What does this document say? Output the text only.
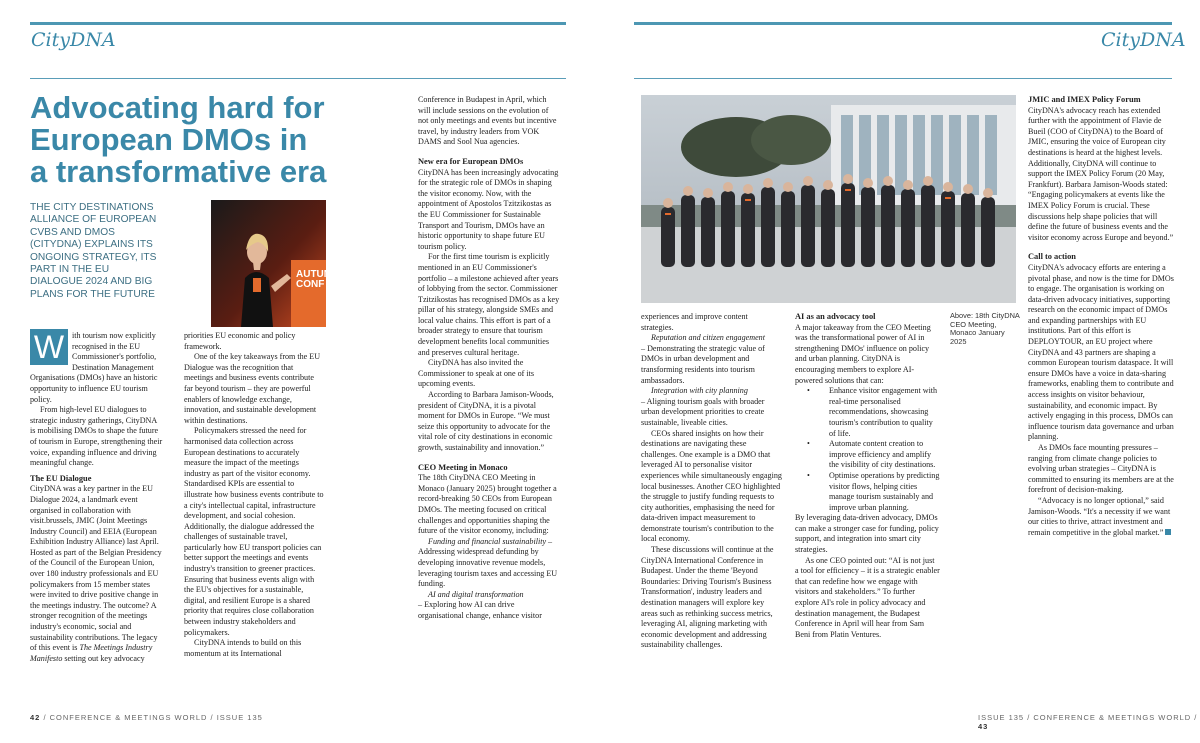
CityDNA	CityDNA
Advocating hard for European DMOs in a transformative era
THE CITY DESTINATIONS ALLIANCE OF EUROPEAN CVBS AND DMOS (CITYDNA) EXPLAINS ITS ONGOING STRATEGY, ITS PART IN THE EU DIALOGUE 2024 AND BIG PLANS FOR THE FUTURE
AUTUMN CONF
W ith tourism now explicitly recognised in the EU Commissioner's portfolio, Destination Management Organisations (DMOs) have an historic opportunity to influence EU tourism policy.

From high-level EU dialogues to strategic industry gatherings, CityDNA is mobilising DMOs to shape the future of tourism in Europe, strengthening their voice, expanding influence and driving meaningful change.

The EU Dialogue

CityDNA was a key partner in the EU Dialogue 2024, a landmark event organised in collaboration with visit.brussels, JMIC (Joint Meetings Industry Council) and EEIA (European Exhibition Industry Alliance) last April. Hosted as part of the Belgian Presidency of the Council of the European Union, over 180 industry professionals and EU policymakers from 15 member states were invited to drive positive change in the meetings industry. The outcome? A stronger recognition of the meetings industry's economic, social and sustainability contributions. The legacy of this event is The Meetings Industry Manifesto setting out key advocacy

priorities EU economic and policy framework.

One of the key takeaways from the EU Dialogue was the recognition that meetings and business events contribute far beyond tourism – they are powerful enablers of knowledge exchange, innovation, and sustainable development within destinations.

Policymakers stressed the need for harmonised data collection across European destinations to accurately measure the impact of the meetings industry as part of the visitor economy. Standardised KPIs are essential to illustrate how business events contribute to a city's intellectual capital, infrastructure development, and social cohesion. Additionally, the dialogue addressed the challenges of sustainable travel, particularly how EU transport policies can better support the meetings and events industry's transition to greener practices. Ensuring that business events align with the EU's objectives for a sustainable, digital, and resilient Europe is a shared priority that requires close collaboration between industry stakeholders and policymakers.

CityDNA intends to build on this momentum at its International

Conference in Budapest in April, which will include sessions on the evolution of not only meetings and events but incentive travel, by industry leaders from VOK DAMS and Sool Nua agencies.

New era for European DMOs

CityDNA has been increasingly advocating for the strategic role of DMOs in shaping the visitor economy. Now, with the appointment of Apostolos Tzitzikostas as the EU Commissioner for Sustainable Transport and Tourism, DMOs have an historic opportunity to shape future EU tourism policy.

For the first time tourism is explicitly mentioned in an EU Commissioner's portfolio – a milestone achieved after years of lobbying from the sector. Commissioner Tzitzikostas has recognised DMOs as a key pillar of his strategy, alongside SMEs and local value chains. This effort is part of a broader strategy to ensure that tourism development benefits local communities and preserves cultural heritage.

CityDNA has also invited the Commissioner to speak at one of its upcoming events.

According to Barbara Jamison-Woods, president of CityDNA, it is a pivotal moment for DMOs in Europe. “We must seize this opportunity to advocate for the vital role of city destinations in economic growth, sustainability and innovation.”

CEO Meeting in Monaco

The 18th CityDNA CEO Meeting in Monaco (January 2025) brought together a record-breaking 50 CEOs from European DMOs. The meeting focused on critical challenges and opportunities shaping the future of the visitor economy, including:

Funding and financial sustainability – Addressing widespread defunding by developing innovative revenue models, leveraging tourism taxes and accessing EU funding.

AI and digital transformation
– Exploring how AI can drive organisational change, enhance visitor

experiences and improve content strategies.

Reputation and citizen engagement
– Demonstrating the strategic value of DMOs in urban development and transforming residents into tourism ambassadors.

Integration with city planning
– Aligning tourism goals with broader urban development priorities to create sustainable, liveable cities.

CEOs shared insights on how their destinations are navigating these challenges. One example is a DMO that leveraged AI to personalise visitor experiences while simultaneously engaging local businesses. Another CEO highlighted the struggle to justify funding requests to city authorities, emphasising the need for data-driven impact measurement to demonstrate tourism's contribution to the local economy.

These discussions will continue at the CityDNA International Conference in Budapest. Under the theme 'Beyond Boundaries: Driving Tourism's Business Transformation', industry leaders and destination managers will explore key areas such as rethinking success metrics, leveraging AI, aligning marketing with economic development and addressing sustainability challenges.

AI as an advocacy tool

A major takeaway from the CEO Meeting was the transformational power of AI in strengthening DMOs' influence on policy and urban planning. CityDNA is encouraging members to explore AI-powered solutions that can:

• Enhance visitor engagement with real-time personalised recommendations, showcasing tourism's contribution to quality of life.
• Automate content creation to improve efficiency and amplify the visibility of city destinations.
• Optimise operations by predicting visitor flows, helping cities manage tourism sustainably and improve urban planning.

By leveraging data-driven advocacy, DMOs can make a stronger case for funding, policy support, and integration into smart city strategies.

As one CEO pointed out: “AI is not just a tool for efficiency – it is a strategic enabler that can redefine how we engage with visitors and stakeholders.” To further explore AI's role in policy advocacy and destination management, the Budapest Conference in April will hear from Sam Beni from Platin Ventures.

Above: 18th CityDNA CEO Meeting, Monaco January 2025
JMIC and IMEX Policy Forum

CityDNA's advocacy reach has extended further with the appointment of Flavie de Bueil (COO of CityDNA) to the Board of JMIC, ensuring the voice of European city destinations is heard at the highest levels.

Additionally, CityDNA will continue to support the IMEX Policy Forum (20 May, Frankfurt). Barbara Jamison-Woods stated: “Engaging policymakers at events like the IMEX Policy Forum is crucial. These discussions help shape policies that will define the future of business events and the visitor economy across Europe and beyond.”

Call to action

CityDNA's advocacy efforts are entering a pivotal phase, and now is the time for DMOs to engage. The organisation is working on data-driven advocacy initiatives, supporting research on the economic impact of DMOs and expanding partnerships with EU institutions. Part of this effort is DEPLOYTOUR, an EU project where CityDNA and 43 partners are shaping a common European tourism dataspace. It will ensure DMOs have a voice in data-sharing frameworks, enabling them to contribute and access insights on visitor behaviour, sustainability, and economic impact. By actively engaging in this process, DMOs can influence tourism data governance and urban planning.

As DMOs face mounting pressures – ranging from climate change policies to evolving urban strategies – CityDNA is committed to ensuring its members are at the forefront of decision-making.

“Advocacy is no longer optional,” said Jamison-Woods. “It's a necessity if we want our cities to thrive, attract investment and remain competitive in the global market.”

42 / CONFERENCE & MEETINGS WORLD / ISSUE 135	ISSUE 135 / CONFERENCE & MEETINGS WORLD / 43
